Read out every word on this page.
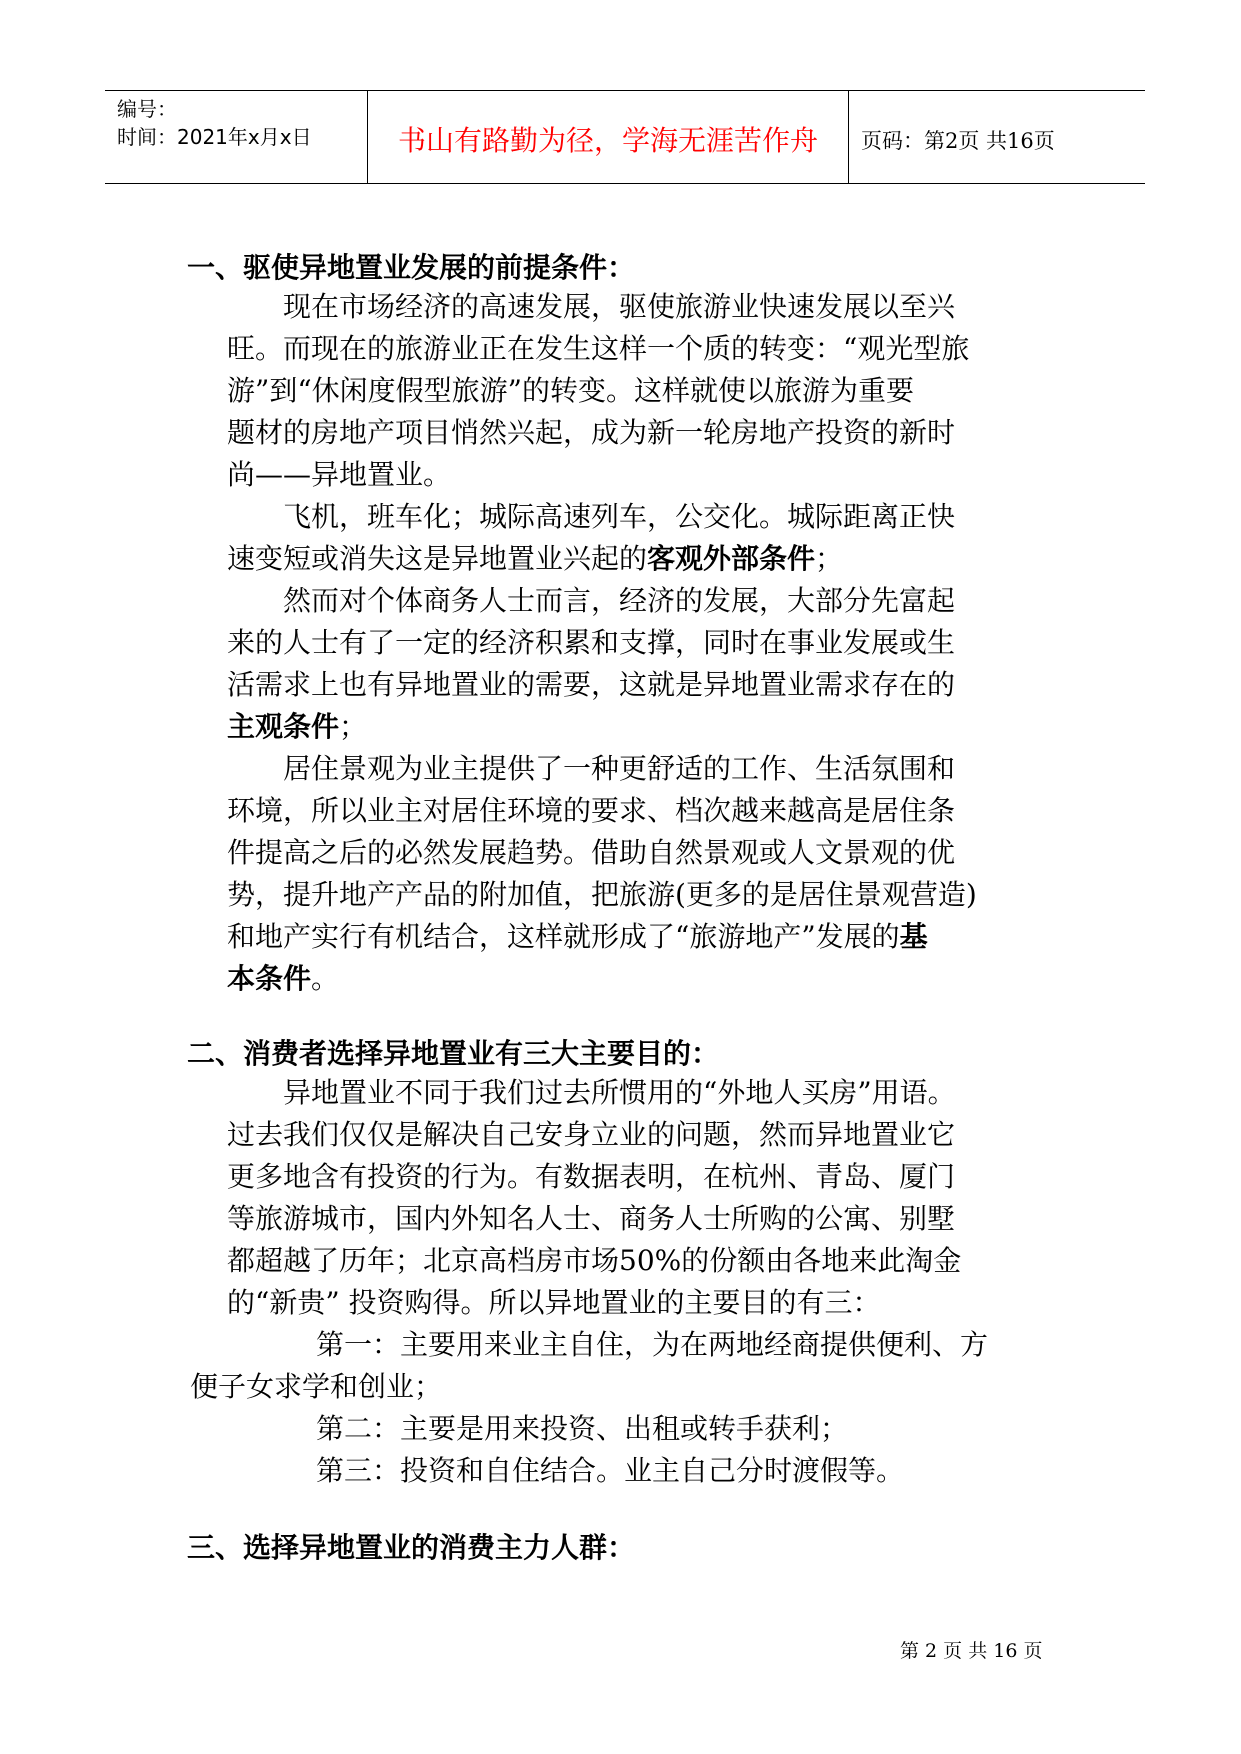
编号：
时间：2021年x月x日	书山有路勤为径，学海无涯苦作舟	页码：第2页 共16页
一、驱使异地置业发展的前提条件：
　　现在市场经济的高速发展，驱使旅游业快速发展以至兴
旺。而现在的旅游业正在发生这样一个质的转变：“观光型旅
游”到“休闲度假型旅游”的转变。这样就使以旅游为重要
题材的房地产项目悄然兴起，成为新一轮房地产投资的新时
尚——异地置业。
　　飞机，班车化；城际高速列车，公交化。城际距离正快
速变短或消失这是异地置业兴起的客观外部条件；
　　然而对个体商务人士而言，经济的发展，大部分先富起
来的人士有了一定的经济积累和支撑，同时在事业发展或生
活需求上也有异地置业的需要，这就是异地置业需求存在的
主观条件；
　　居住景观为业主提供了一种更舒适的工作、生活氛围和
环境，所以业主对居住环境的要求、档次越来越高是居住条
件提高之后的必然发展趋势。借助自然景观或人文景观的优
势，提升地产产品的附加值，把旅游(更多的是居住景观营造)
和地产实行有机结合，这样就形成了“旅游地产”发展的基
本条件。
二、消费者选择异地置业有三大主要目的：
　　异地置业不同于我们过去所惯用的“外地人买房”用语。
过去我们仅仅是解决自己安身立业的问题，然而异地置业它
更多地含有投资的行为。有数据表明，在杭州、青岛、厦门
等旅游城市，国内外知名人士、商务人士所购的公寓、别墅
都超越了历年；北京高档房市场50%的份额由各地来此淘金
的“新贵” 投资购得。所以异地置业的主要目的有三：
第一：主要用来业主自住，为在两地经商提供便利、方
便子女求学和创业；
第二：主要是用来投资、出租或转手获利；
第三：投资和自住结合。业主自己分时渡假等。
三、选择异地置业的消费主力人群：
第 2 页 共 16 页
